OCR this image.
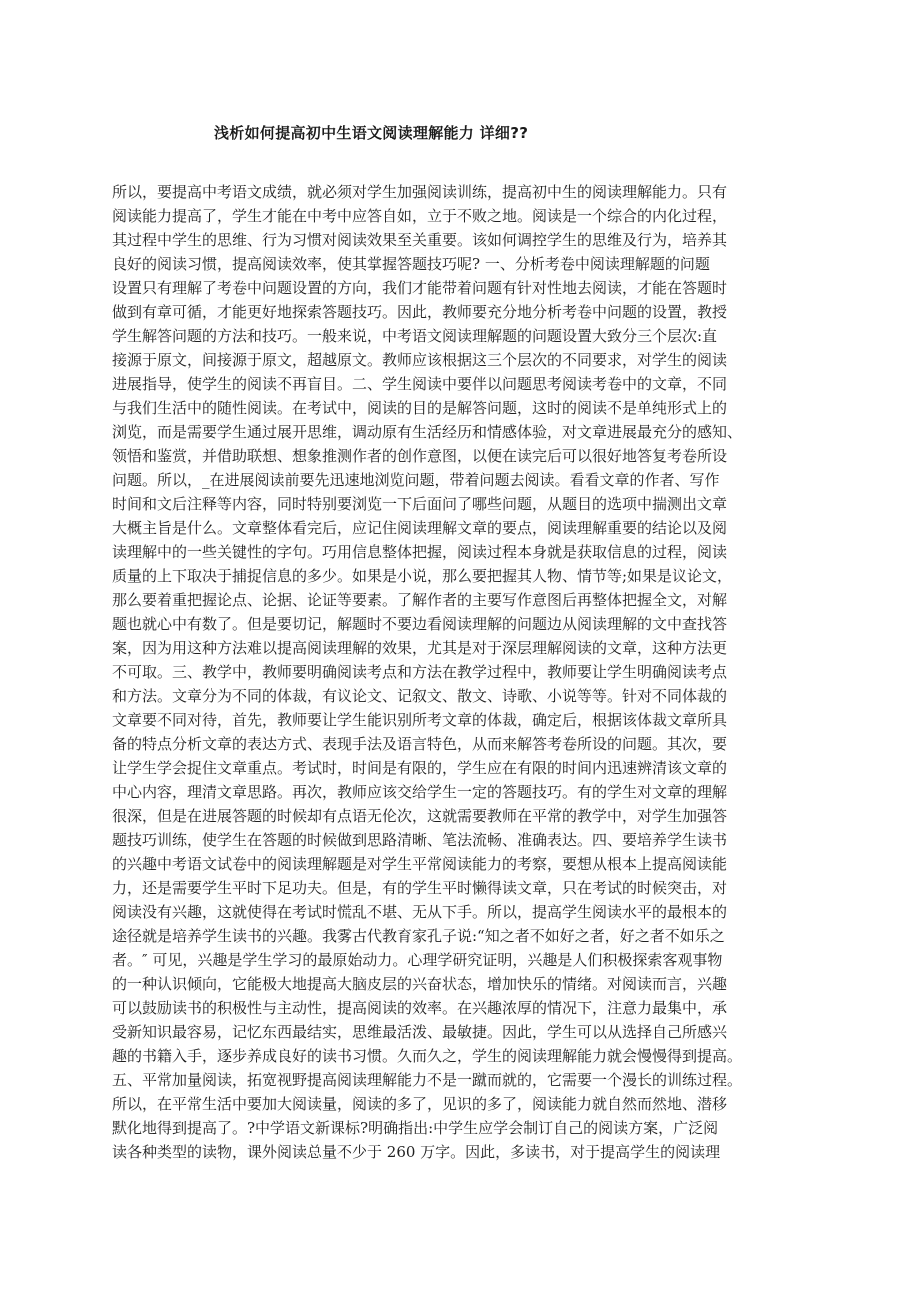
浅析如何提高初中生语文阅读理解能力 详细??
所以，要提高中考语文成绩，就必须对学生加强阅读训练，提高初中生的阅读理解能力。只有
阅读能力提高了，学生才能在中考中应答自如，立于不败之地。阅读是一个综合的内化过程，
其过程中学生的思维、行为习惯对阅读效果至关重要。该如何调控学生的思维及行为，培养其
良好的阅读习惯，提高阅读效率，使其掌握答题技巧呢? 一、分析考卷中阅读理解题的问题
设置只有理解了考卷中问题设置的方向，我们才能带着问题有针对性地去阅读，才能在答题时
做到有章可循，才能更好地探索答题技巧。因此，教师要充分地分析考卷中问题的设置，教授
学生解答问题的方法和技巧。一般来说，中考语文阅读理解题的问题设置大致分三个层次:直
接源于原文，间接源于原文，超越原文。教师应该根据这三个层次的不同要求，对学生的阅读
进展指导，使学生的阅读不再盲目。二、学生阅读中要伴以问题思考阅读考卷中的文章，不同
与我们生活中的随性阅读。在考试中，阅读的目的是解答问题，这时的阅读不是单纯形式上的
浏览，而是需要学生通过展开思维，调动原有生活经历和情感体验，对文章进展最充分的感知、
领悟和鉴赏，并借助联想、想象推测作者的创作意图，以便在读完后可以很好地答复考卷所设
问题。所以，_在进展阅读前要先迅速地浏览问题，带着问题去阅读。看看文章的作者、写作
时间和文后注释等内容，同时特别要浏览一下后面问了哪些问题，从题目的选项中揣测出文章
大概主旨是什么。文章整体看完后，应记住阅读理解文章的要点，阅读理解重要的结论以及阅
读理解中的一些关键性的字句。巧用信息整体把握，阅读过程本身就是获取信息的过程，阅读
质量的上下取决于捕捉信息的多少。如果是小说，那么要把握其人物、情节等;如果是议论文，
那么要着重把握论点、论据、论证等要素。了解作者的主要写作意图后再整体把握全文，对解
题也就心中有数了。但是要切记，解题时不要边看阅读理解的问题边从阅读理解的文中查找答
案，因为用这种方法难以提高阅读理解的效果，尤其是对于深层理解阅读的文章，这种方法更
不可取。三、教学中，教师要明确阅读考点和方法在教学过程中，教师要让学生明确阅读考点
和方法。文章分为不同的体裁，有议论文、记叙文、散文、诗歌、小说等等。针对不同体裁的
文章要不同对待，首先，教师要让学生能识别所考文章的体裁，确定后，根据该体裁文章所具
备的特点分析文章的表达方式、表现手法及语言特色，从而来解答考卷所设的问题。其次，要
让学生学会捉住文章重点。考试时，时间是有限的，学生应在有限的时间内迅速辨清该文章的
中心内容，理清文章思路。再次，教师应该交给学生一定的答题技巧。有的学生对文章的理解
很深，但是在进展答题的时候却有点语无伦次，这就需要教师在平常的教学中，对学生加强答
题技巧训练，使学生在答题的时候做到思路清晰、笔法流畅、准确表达。四、要培养学生读书
的兴趣中考语文试卷中的阅读理解题是对学生平常阅读能力的考察，要想从根本上提高阅读能
力，还是需要学生平时下足功夫。但是，有的学生平时懒得读文章，只在考试的时候突击，对
阅读没有兴趣，这就使得在考试时慌乱不堪、无从下手。所以，提高学生阅读水平的最根本的
途径就是培养学生读书的兴趣。我雾古代教育家孔子说:“知之者不如好之者，好之者不如乐之
者。″ 可见，兴趣是学生学习的最原始动力。心理学研究证明，兴趣是人们积极探索客观事物
的一种认识倾向，它能极大地提高大脑皮层的兴奋状态，增加快乐的情绪。对阅读而言，兴趣
可以鼓励读书的积极性与主动性，提高阅读的效率。在兴趣浓厚的情况下，注意力最集中，承
受新知识最容易，记忆东西最结实，思维最活泼、最敏捷。因此，学生可以从选择自己所感兴
趣的书籍入手，逐步养成良好的读书习惯。久而久之，学生的阅读理解能力就会慢慢得到提高。
五、平常加量阅读，拓宽视野提高阅读理解能力不是一蹴而就的，它需要一个漫长的训练过程。
所以，在平常生活中要加大阅读量，阅读的多了，见识的多了，阅读能力就自然而然地、潜移
默化地得到提高了。?中学语文新课标?明确指出:中学生应学会制订自己的阅读方案，广泛阅
读各种类型的读物，课外阅读总量不少于 260 万字。因此，多读书，对于提高学生的阅读理
